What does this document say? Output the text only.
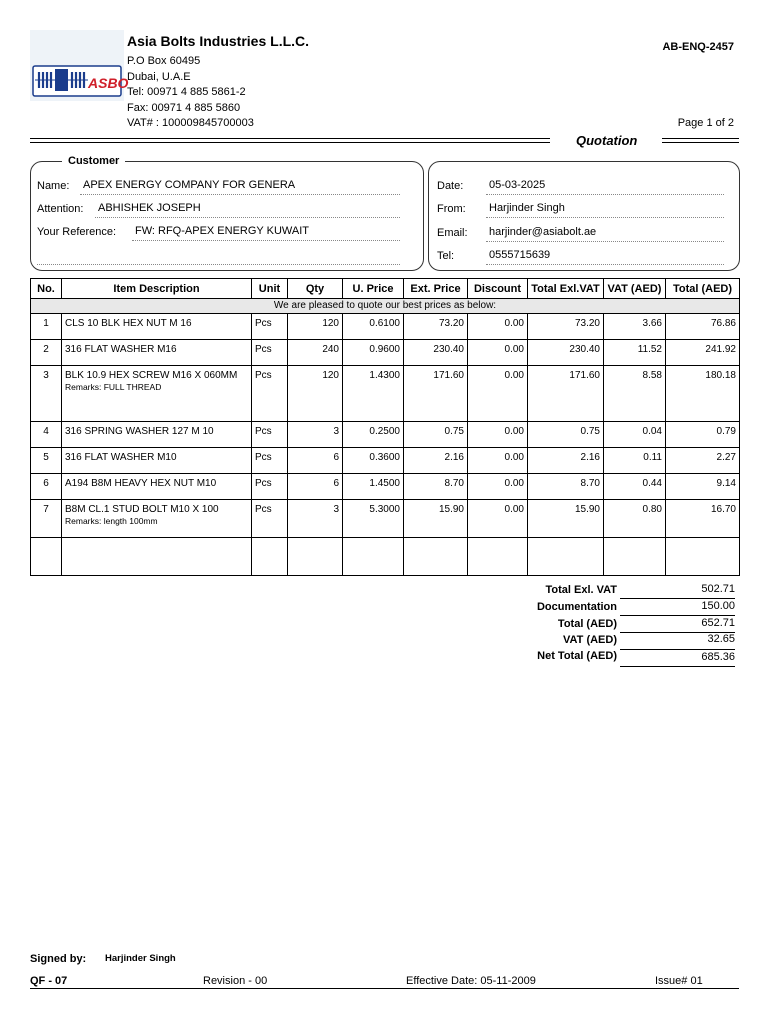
ASBO
Asia Bolts Industries L.L.C.
P.O Box 60495
Dubai, U.A.E
Tel: 00971 4 885 5861-2
Fax: 00971 4 885 5860
VAT# : 100009845700003
AB-ENQ-2457
Page 1 of 2
Quotation
Customer
Name: APEX ENERGY COMPANY FOR GENERA
Attention: ABHISHEK JOSEPH
Your Reference: FW: RFQ-APEX ENERGY KUWAIT
Date: 05-03-2025
From: Harjinder Singh
Email: harjinder@asiabolt.ae
Tel:	0555715639
No.	Item Description	Unit	Qty	U. Price	Ext. Price	Discount	Total Exl.VAT	VAT (AED)	Total (AED)
We are pleased to quote our best prices as below:									
1	CLS 10 BLK HEX NUT M 16	Pcs	120	0.6100	73.20	0.00	73.20	3.66	76.86
2	316 FLAT WASHER M16	Pcs	240	0.9600	230.40	0.00	230.40	11.52	241.92
3	BLK 10.9 HEX SCREW M16 X 060MM
Remarks: FULL THREAD	Pcs	120	1.4300	171.60	0.00	171.60	8.58	180.18
4	316 SPRING WASHER 127 M 10	Pcs	3	0.2500	0.75	0.00	0.75	0.04	0.79
5	316 FLAT WASHER M10	Pcs	6	0.3600	2.16	0.00	2.16	0.11	2.27
6	A194 B8M HEAVY HEX NUT M10	Pcs	6	1.4500	8.70	0.00	8.70	0.44	9.14
7	B8M CL.1 STUD BOLT M10 X 100
Remarks: length 100mm	Pcs	3	5.3000	15.90	0.00	15.90	0.80	16.70

Total Exl. VAT	502.71
Documentation	150.00
Total (AED)	652.71
VAT (AED)	32.65
Net Total (AED)	685.36
Signed by: Harjinder Singh
QF - 07	Revision - 00	Effective Date: 05-11-2009	Issue# 01
